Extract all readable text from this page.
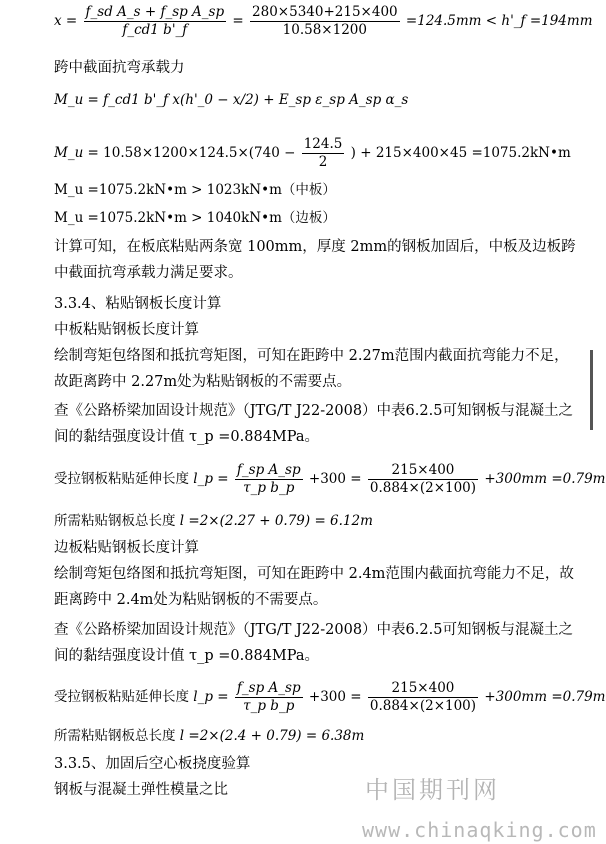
$x = \frac{\text{f\_sd A\_s + f\_sp A\_sp}}{f\_cd1 b'\_f} = \frac{280\times 5340+215\times 400}{10.58\times 1200} =124.5mm$ < h'_f =194mm
跨中截面抗弯承载力
M_u = f_cd1 b'_f x(h'_0 − x/2) + E_sp ε_sp A_sp α_s
M_u = $10.58\times 1200\times 124.5\times(740 - \frac{124.5}{2}$ ) + 215×400×45 =1075.2kN•m
M_u =1075.2kN•m > 1023kN•m（中板）
M_u =1075.2kN•m > 1040kN•m（边板）
计算可知，在板底粘贴两条宽 100mm，厚度 2mm的钢板加固后，中板及边板跨中截面抗弯承载力满足要求。
3.3.4、粘贴钢板长度计算
中板粘贴钢板长度计算
绘制弯矩包络图和抵抗弯矩图，可知在距跨中 2.27m范围内截面抗弯能力不足，故距离跨中 2.27m处为粘贴钢板的不需要点。
查《公路桥梁加固设计规范》（JTG/T J22-2008）中表6.2.5可知钢板与混凝土之间的黏结强度设计值 τ_p =0.884MPa。
受拉钢板粘贴延伸长度 l_p = $\frac{\text{f\_sp A\_sp}}{\text{τ\_p b\_p}} +300 = \frac{215\times 400}{0.884\times(2\times 100)} +300mm =0.79m$
所需粘贴钢板总长度 l =2×(2.27 + 0.79) = 6.12m
边板粘贴钢板长度计算
绘制弯矩包络图和抵抗弯矩图，可知在距跨中 2.4m范围内截面抗弯能力不足，故距离跨中 2.4m处为粘贴钢板的不需要点。
查《公路桥梁加固设计规范》（JTG/T J22-2008）中表6.2.5可知钢板与混凝土之间的黏结强度设计值 τ_p =0.884MPa。
受拉钢板粘贴延伸长度 l_p = $\frac{\text{f\_sp A\_sp}}{\text{τ\_p b\_p}} +300 = \frac{215\times 400}{0.884\times(2\times 100)} +300mm =0.79m$
所需粘贴钢板总长度 l =2×(2.4 + 0.79) = 6.38m
3.3.5、加固后空心板挠度验算
钢板与混凝土弹性模量之比	中国期刊网
www.chinaqking.com
